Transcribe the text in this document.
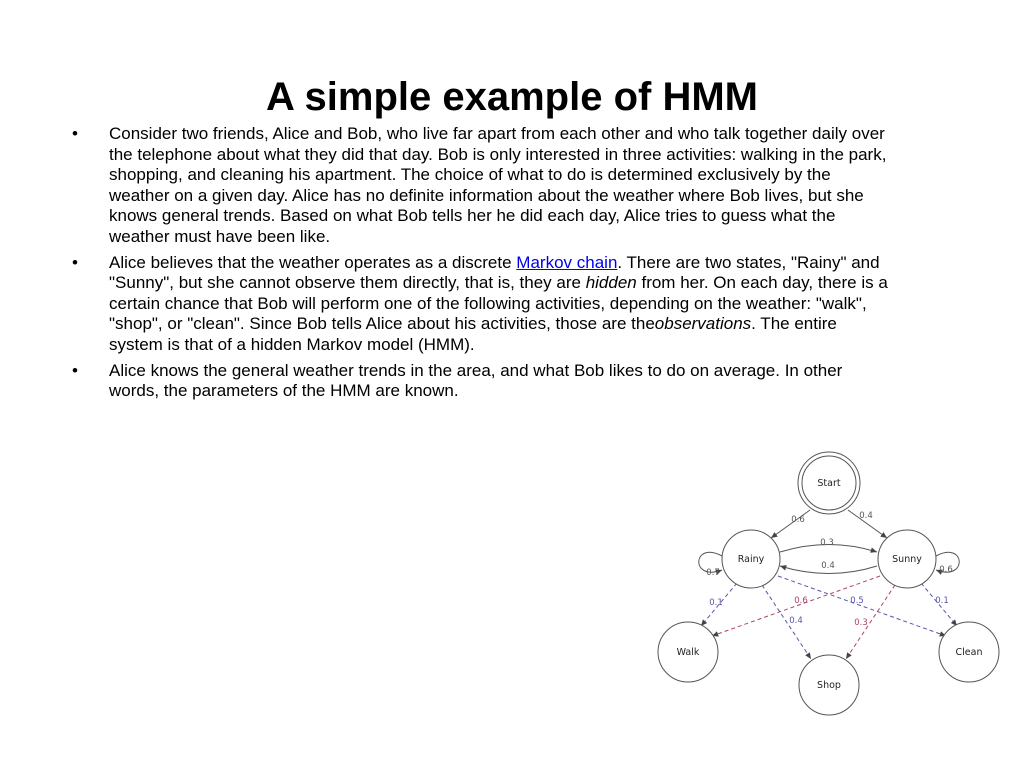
A simple example of HMM
• Consider two friends, Alice and Bob, who live far apart from each other and who talk together daily over the telephone about what they did that day. Bob is only interested in three activities: walking in the park, shopping, and cleaning his apartment. The choice of what to do is determined exclusively by the weather on a given day. Alice has no definite information about the weather where Bob lives, but she knows general trends. Based on what Bob tells her he did each day, Alice tries to guess what the weather must have been like.
• Alice believes that the weather operates as a discrete Markov chain. There are two states, "Rainy" and "Sunny", but she cannot observe them directly, that is, they are hidden from her. On each day, there is a certain chance that Bob will perform one of the following activities, depending on the weather: "walk", "shop", or "clean". Since Bob tells Alice about his activities, those are theobservations. The entire system is that of a hidden Markov model (HMM).
• Alice knows the general weather trends in the area, and what Bob likes to do on average. In other words, the parameters of the HMM are known.
Start
Rainy	Sunny
Walk
Shop
Clean
0.6	0.4
0.3
0.4
0.7	0.6
0.1
0.4
0.5
0.6
0.3
0.1
